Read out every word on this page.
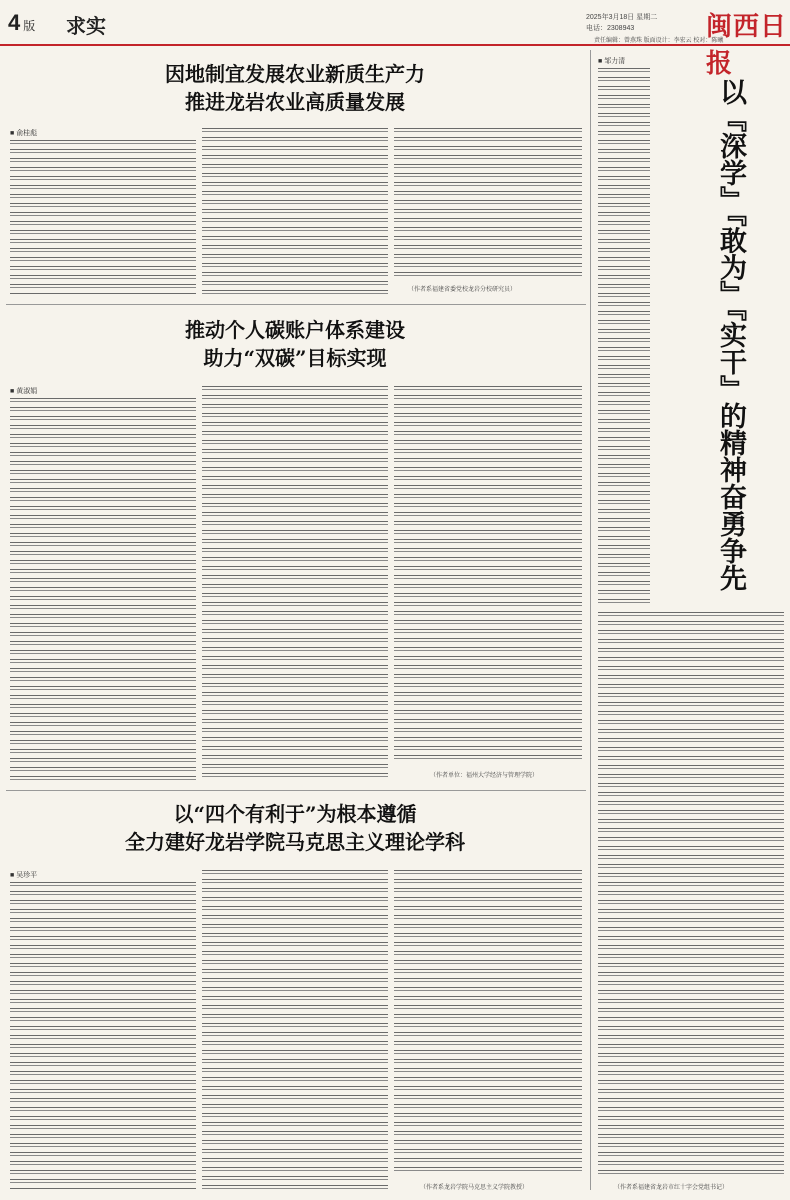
4 版 求实	2025年3月18日 星期二
电话：2308943	闽西日报
责任编辑：曾燕珠 版面设计：李宏云 校对：陈曦
因地制宜发展农业新质生产力
推进龙岩农业高质量发展
■ 俞桂彪
（作者系福建省委党校龙岩分校研究员）
推动个人碳账户体系建设
助力“双碳”目标实现
■ 黄淑娟
（作者单位：福州大学经济与管理学院）
以“四个有利于”为根本遵循
全力建好龙岩学院马克思主义理论学科
■ 吴珍平
（作者系龙岩学院马克思主义学院教授）
■ 邹力清
以『深学』『敢为』『实干』的精神奋勇争先
（作者系福建省龙岩市红十字会党组书记）
